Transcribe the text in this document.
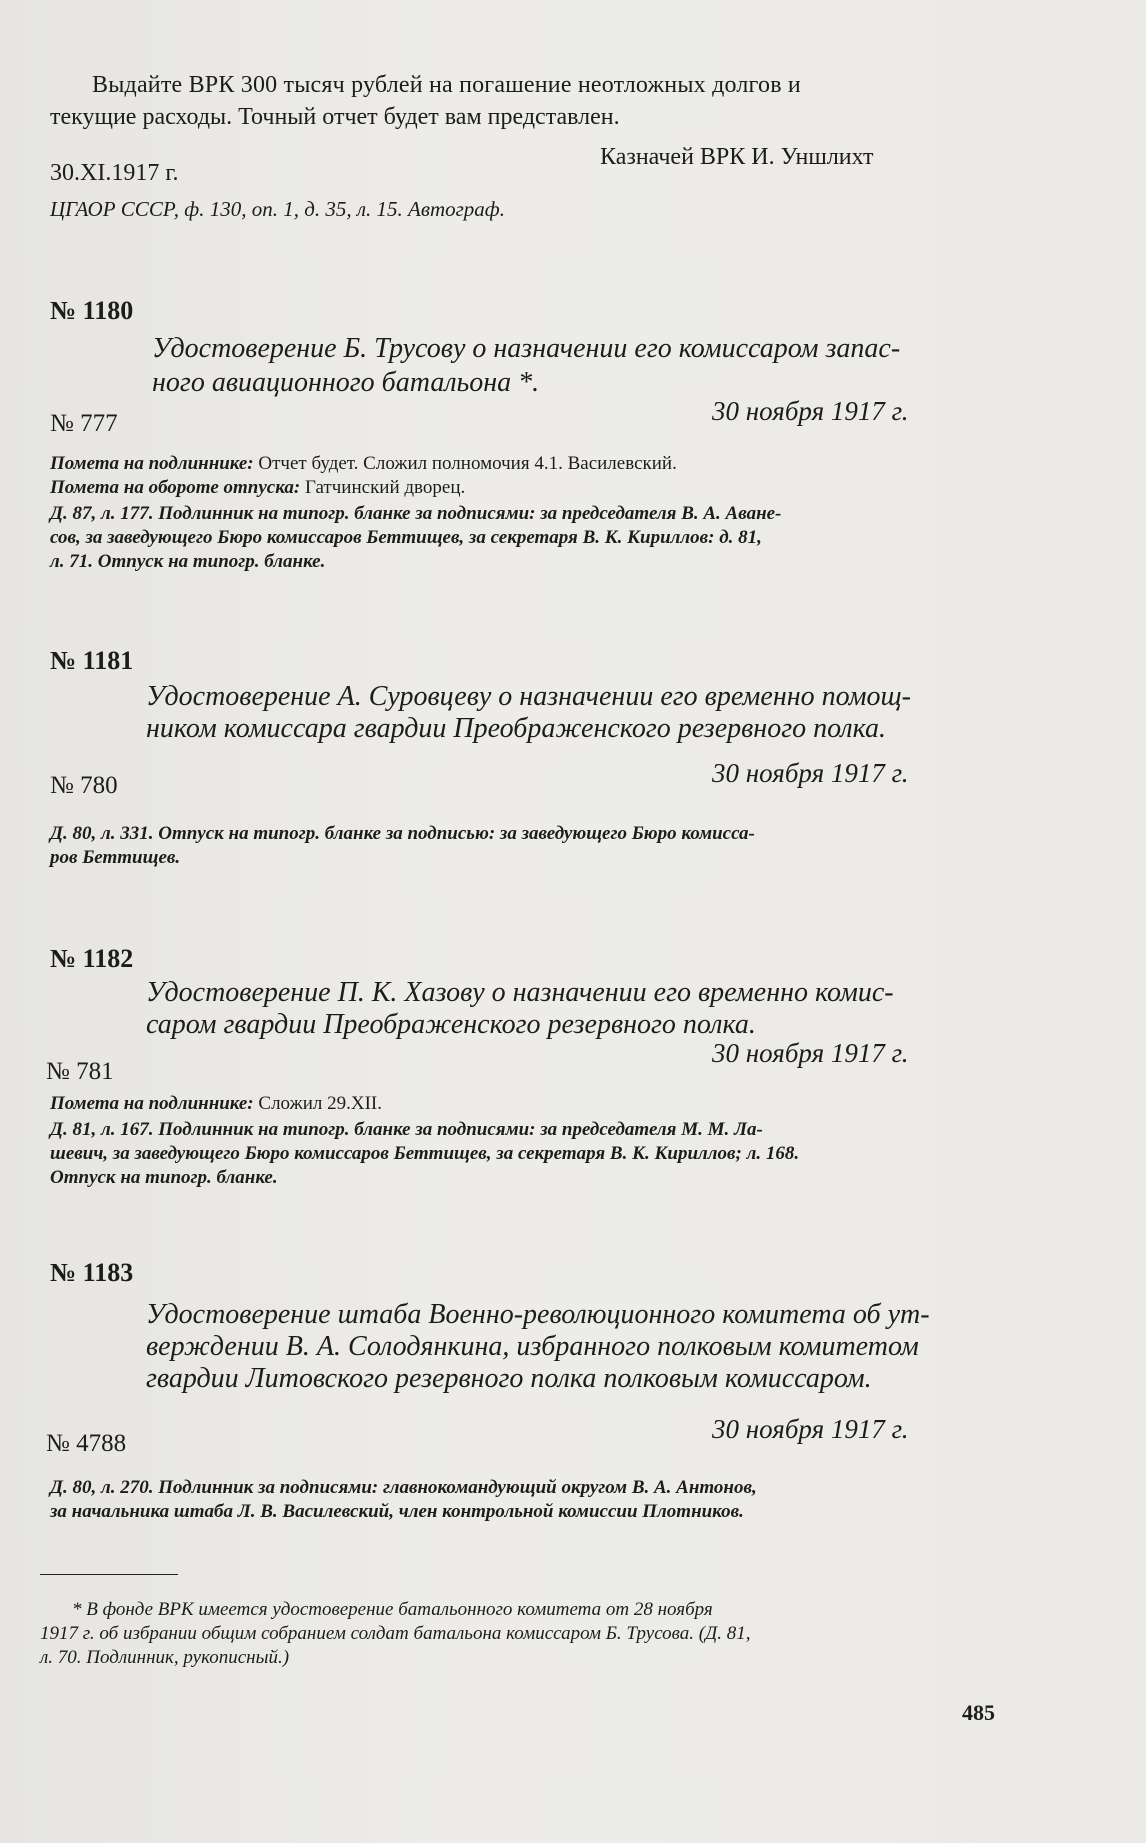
Выдайте ВРК 300 тысяч рублей на погашение неотложных долгов и
текущие расходы. Точный отчет будет вам представлен.
Казначей ВРК И. Уншлихт
30.XI.1917 г.
ЦГАОР СССР, ф. 130, оп. 1, д. 35, л. 15. Автограф.
№ 1180
Удостоверение Б. Трусову о назначении его комиссаром запас-
ного авиационного батальона *.
№ 777	30 ноября 1917 г.
Помета на подлиннике: Отчет будет. Сложил полномочия 4.1. Василевский.
Помета на обороте отпуска: Гатчинский дворец.
Д. 87, л. 177. Подлинник на типогр. бланке за подписями: за председателя В. А. Аване-
сов, за заведующего Бюро комиссаров Беттищев, за секретаря В. К. Кириллов: д. 81,
л. 71. Отпуск на типогр. бланке.
№ 1181
Удостоверение А. Суровцеву о назначении его временно помощ-
ником комиссара гвардии Преображенского резервного полка.
№ 780	30 ноября 1917 г.
Д. 80, л. 331. Отпуск на типогр. бланке за подписью: за заведующего Бюро комисса-
ров Беттищев.
№ 1182
Удостоверение П. К. Хазову о назначении его временно комис-
саром гвардии Преображенского резервного полка.
30 ноября 1917 г.
№ 781
Помета на подлиннике: Сложил 29.XII.
Д. 81, л. 167. Подлинник на типогр. бланке за подписями: за председателя М. М. Ла-
шевич, за заведующего Бюро комиссаров Беттищев, за секретаря В. К. Кириллов; л. 168.
Отпуск на типогр. бланке.
№ 1183
Удостоверение штаба Военно-революционного комитета об ут-
верждении В. А. Солодянкина, избранного полковым комитетом
гвардии Литовского резервного полка полковым комиссаром.
30 ноября 1917 г.
№ 4788
Д. 80, л. 270. Подлинник за подписями: главнокомандующий округом В. А. Антонов,
за начальника штаба Л. В. Василевский, член контрольной комиссии Плотников.
* В фонде ВРК имеется удостоверение батальонного комитета от 28 ноября
1917 г. об избрании общим собранием солдат батальона комиссаром Б. Трусова. (Д. 81,
л. 70. Подлинник, рукописный.)
485
